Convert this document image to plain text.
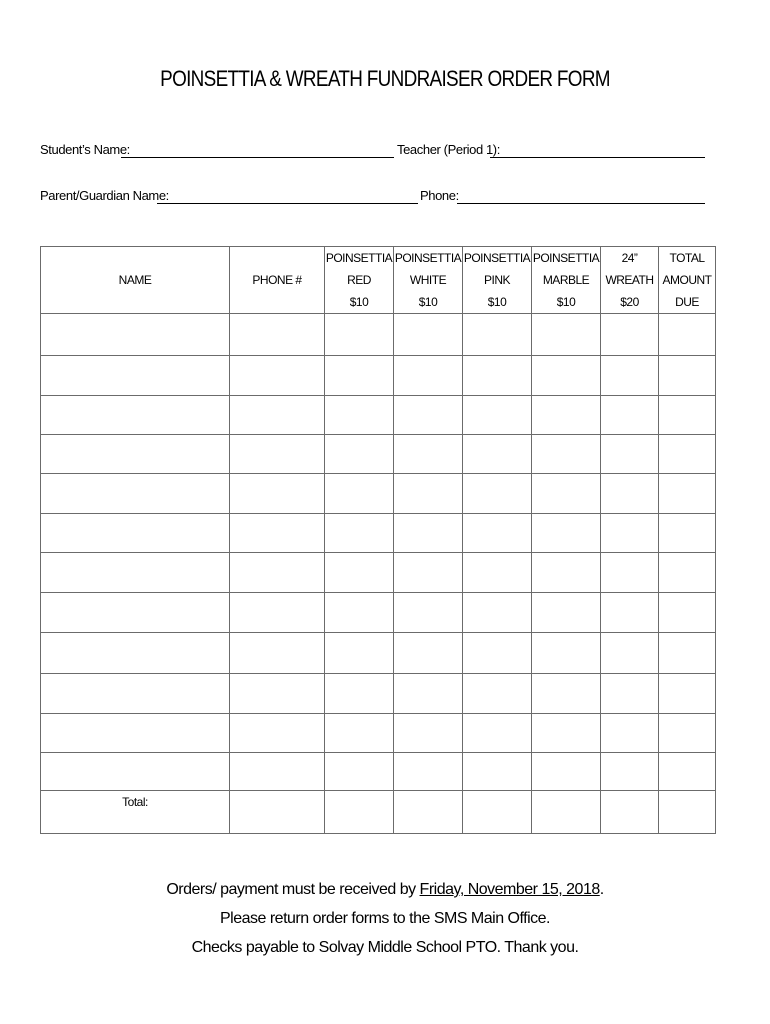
POINSETTIA & WREATH FUNDRAISER ORDER FORM
Student’s Name:	Teacher (Period 1):
Parent/Guardian Name:	Phone:
NAME	PHONE #	POINSETTIA
RED
$10	POINSETTIA
WHITE
$10	POINSETTIA
PINK
$10	POINSETTIA
MARBLE
$10	24”
WREATH
$20	TOTAL
AMOUNT
DUE

Total:							
Orders/ payment must be received by Friday, November 15, 2018.
Please return order forms to the SMS Main Office.
Checks payable to Solvay Middle School PTO. Thank you.
